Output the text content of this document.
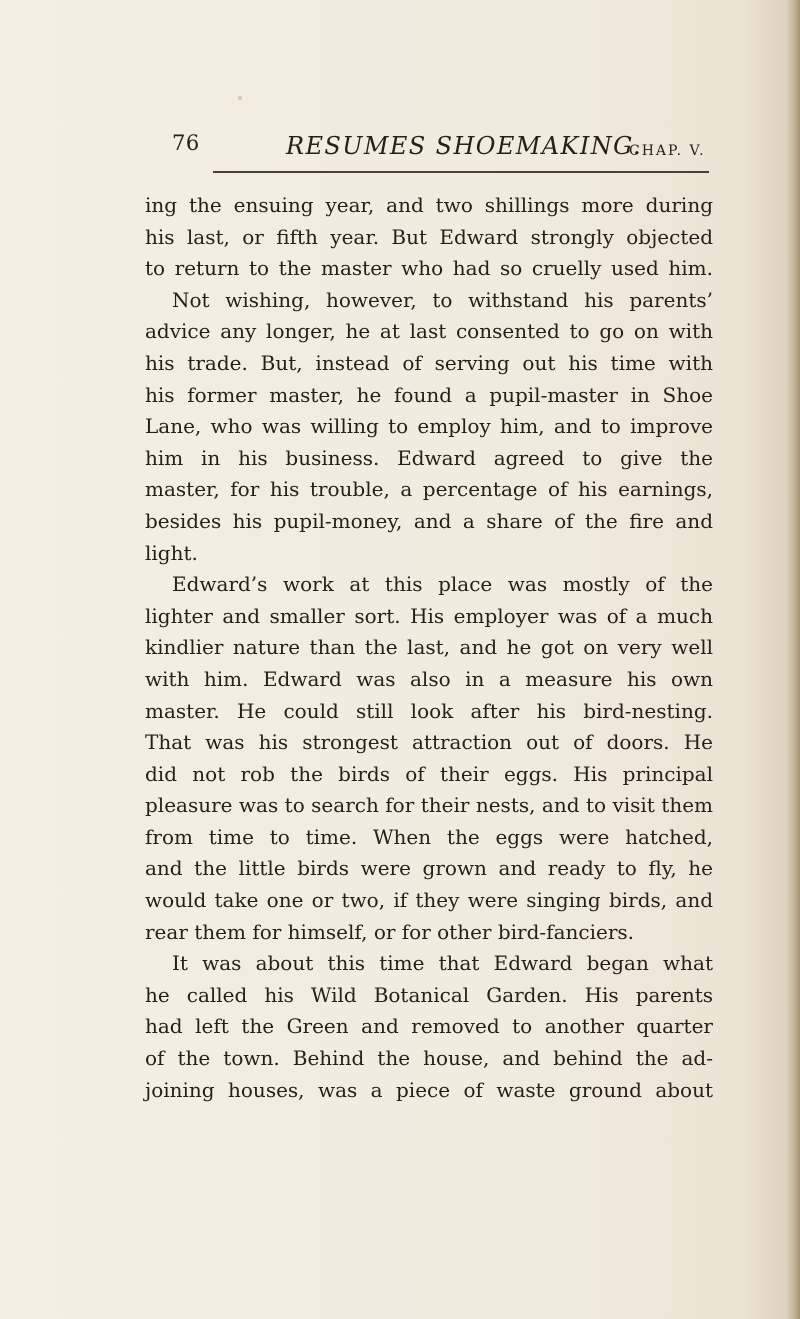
76	RESUMES SHOEMAKING.
CHAP. V.
ing the ensuing year, and two shillings more during
his last, or fifth year. But Edward strongly objected
to return to the master who had so cruelly used him.
Not wishing, however, to withstand his parents’
advice any longer, he at last consented to go on with
his trade. But, instead of serving out his time with
his former master, he found a pupil-master in Shoe
Lane, who was willing to employ him, and to improve
him in his business. Edward agreed to give the
master, for his trouble, a percentage of his earnings,
besides his pupil-money, and a share of the fire and
light.
Edward’s work at this place was mostly of the
lighter and smaller sort. His employer was of a much
kindlier nature than the last, and he got on very well
with him. Edward was also in a measure his own
master. He could still look after his bird-nesting.
That was his strongest attraction out of doors. He
did not rob the birds of their eggs. His principal
pleasure was to search for their nests, and to visit them
from time to time. When the eggs were hatched,
and the little birds were grown and ready to fly, he
would take one or two, if they were singing birds, and
rear them for himself, or for other bird-fanciers.
It was about this time that Edward began what
he called his Wild Botanical Garden. His parents
had left the Green and removed to another quarter
of the town. Behind the house, and behind the ad-
joining houses, was a piece of waste ground about
